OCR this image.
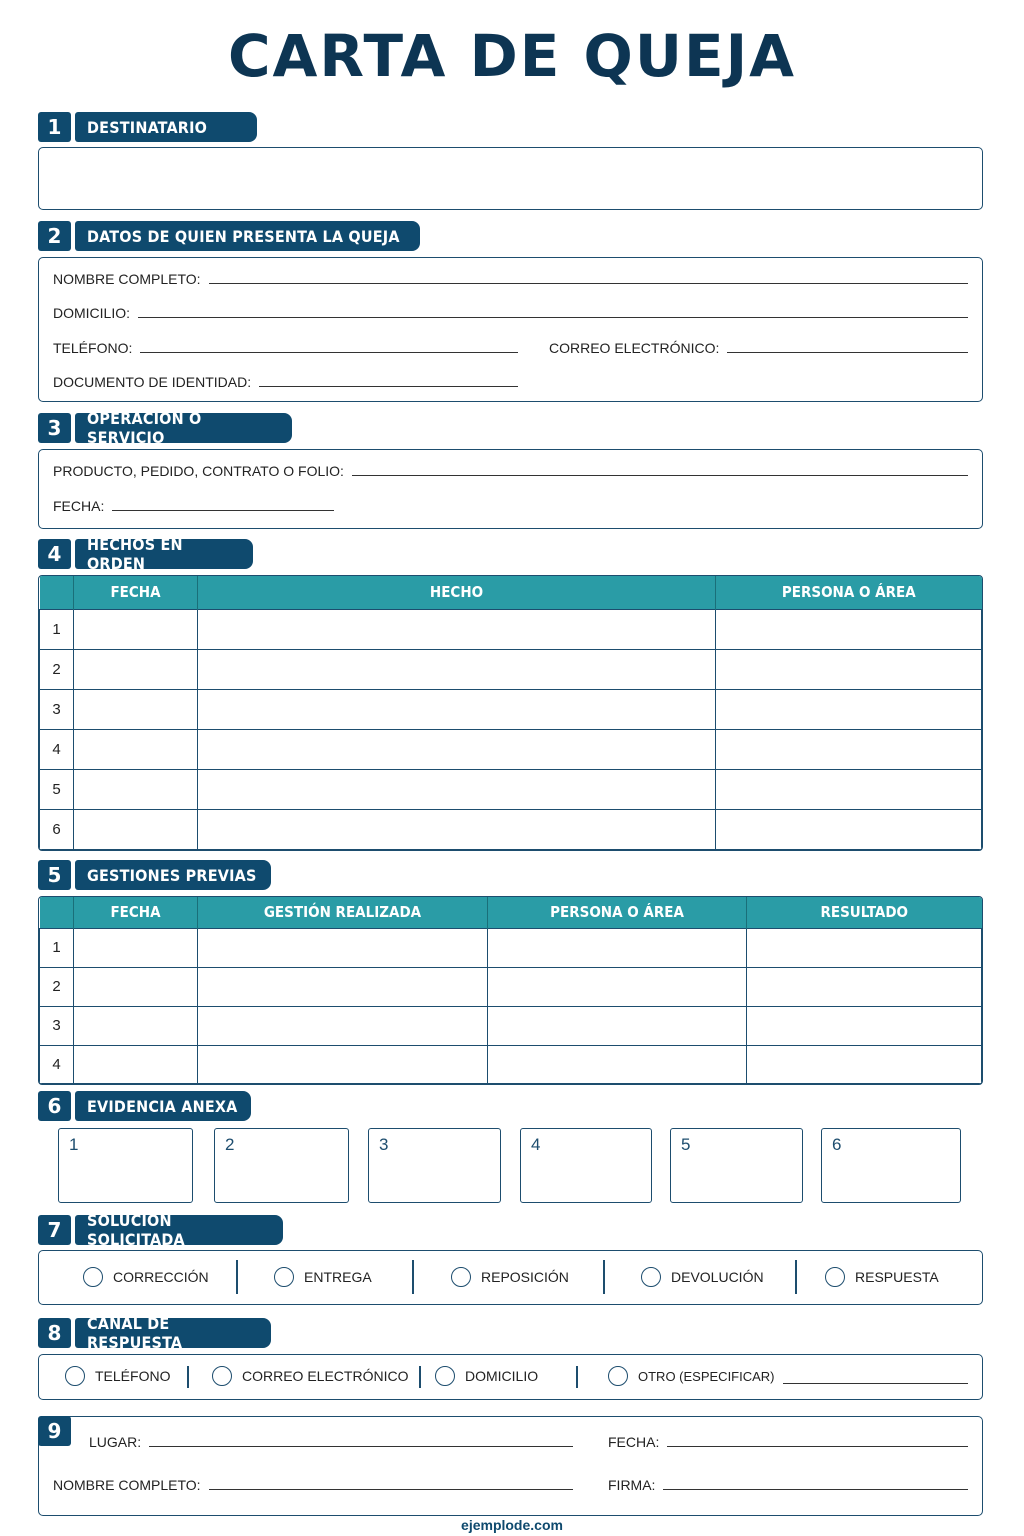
CARTA DE QUEJA
1	DESTINATARIO
2	DATOS DE QUIEN PRESENTA LA QUEJA
NOMBRE COMPLETO:
DOMICILIO:
TELÉFONO:	CORREO ELECTRÓNICO:
DOCUMENTO DE IDENTIDAD:
3	OPERACIÓN O SERVICIO
PRODUCTO, PEDIDO, CONTRATO O FOLIO:
FECHA:
4	HECHOS EN ORDEN
	FECHA	HECHO	PERSONA O ÁREA
1			
2			
3			
4			
5			
6			
5	GESTIONES PREVIAS
	FECHA	GESTIÓN REALIZADA	PERSONA O ÁREA	RESULTADO
1				
2				
3				
4				
6	EVIDENCIA ANEXA
1	2	3	4	5	6
7	SOLUCIÓN SOLICITADA
CORRECCIÓN	ENTREGA	REPOSICIÓN	DEVOLUCIÓN	RESPUESTA
8	CANAL DE RESPUESTA
TELÉFONO	CORREO ELECTRÓNICO	DOMICILIO	OTRO (ESPECIFICAR)
9	LUGAR:	FECHA:
NOMBRE COMPLETO:	FIRMA:
ejemplode.com
